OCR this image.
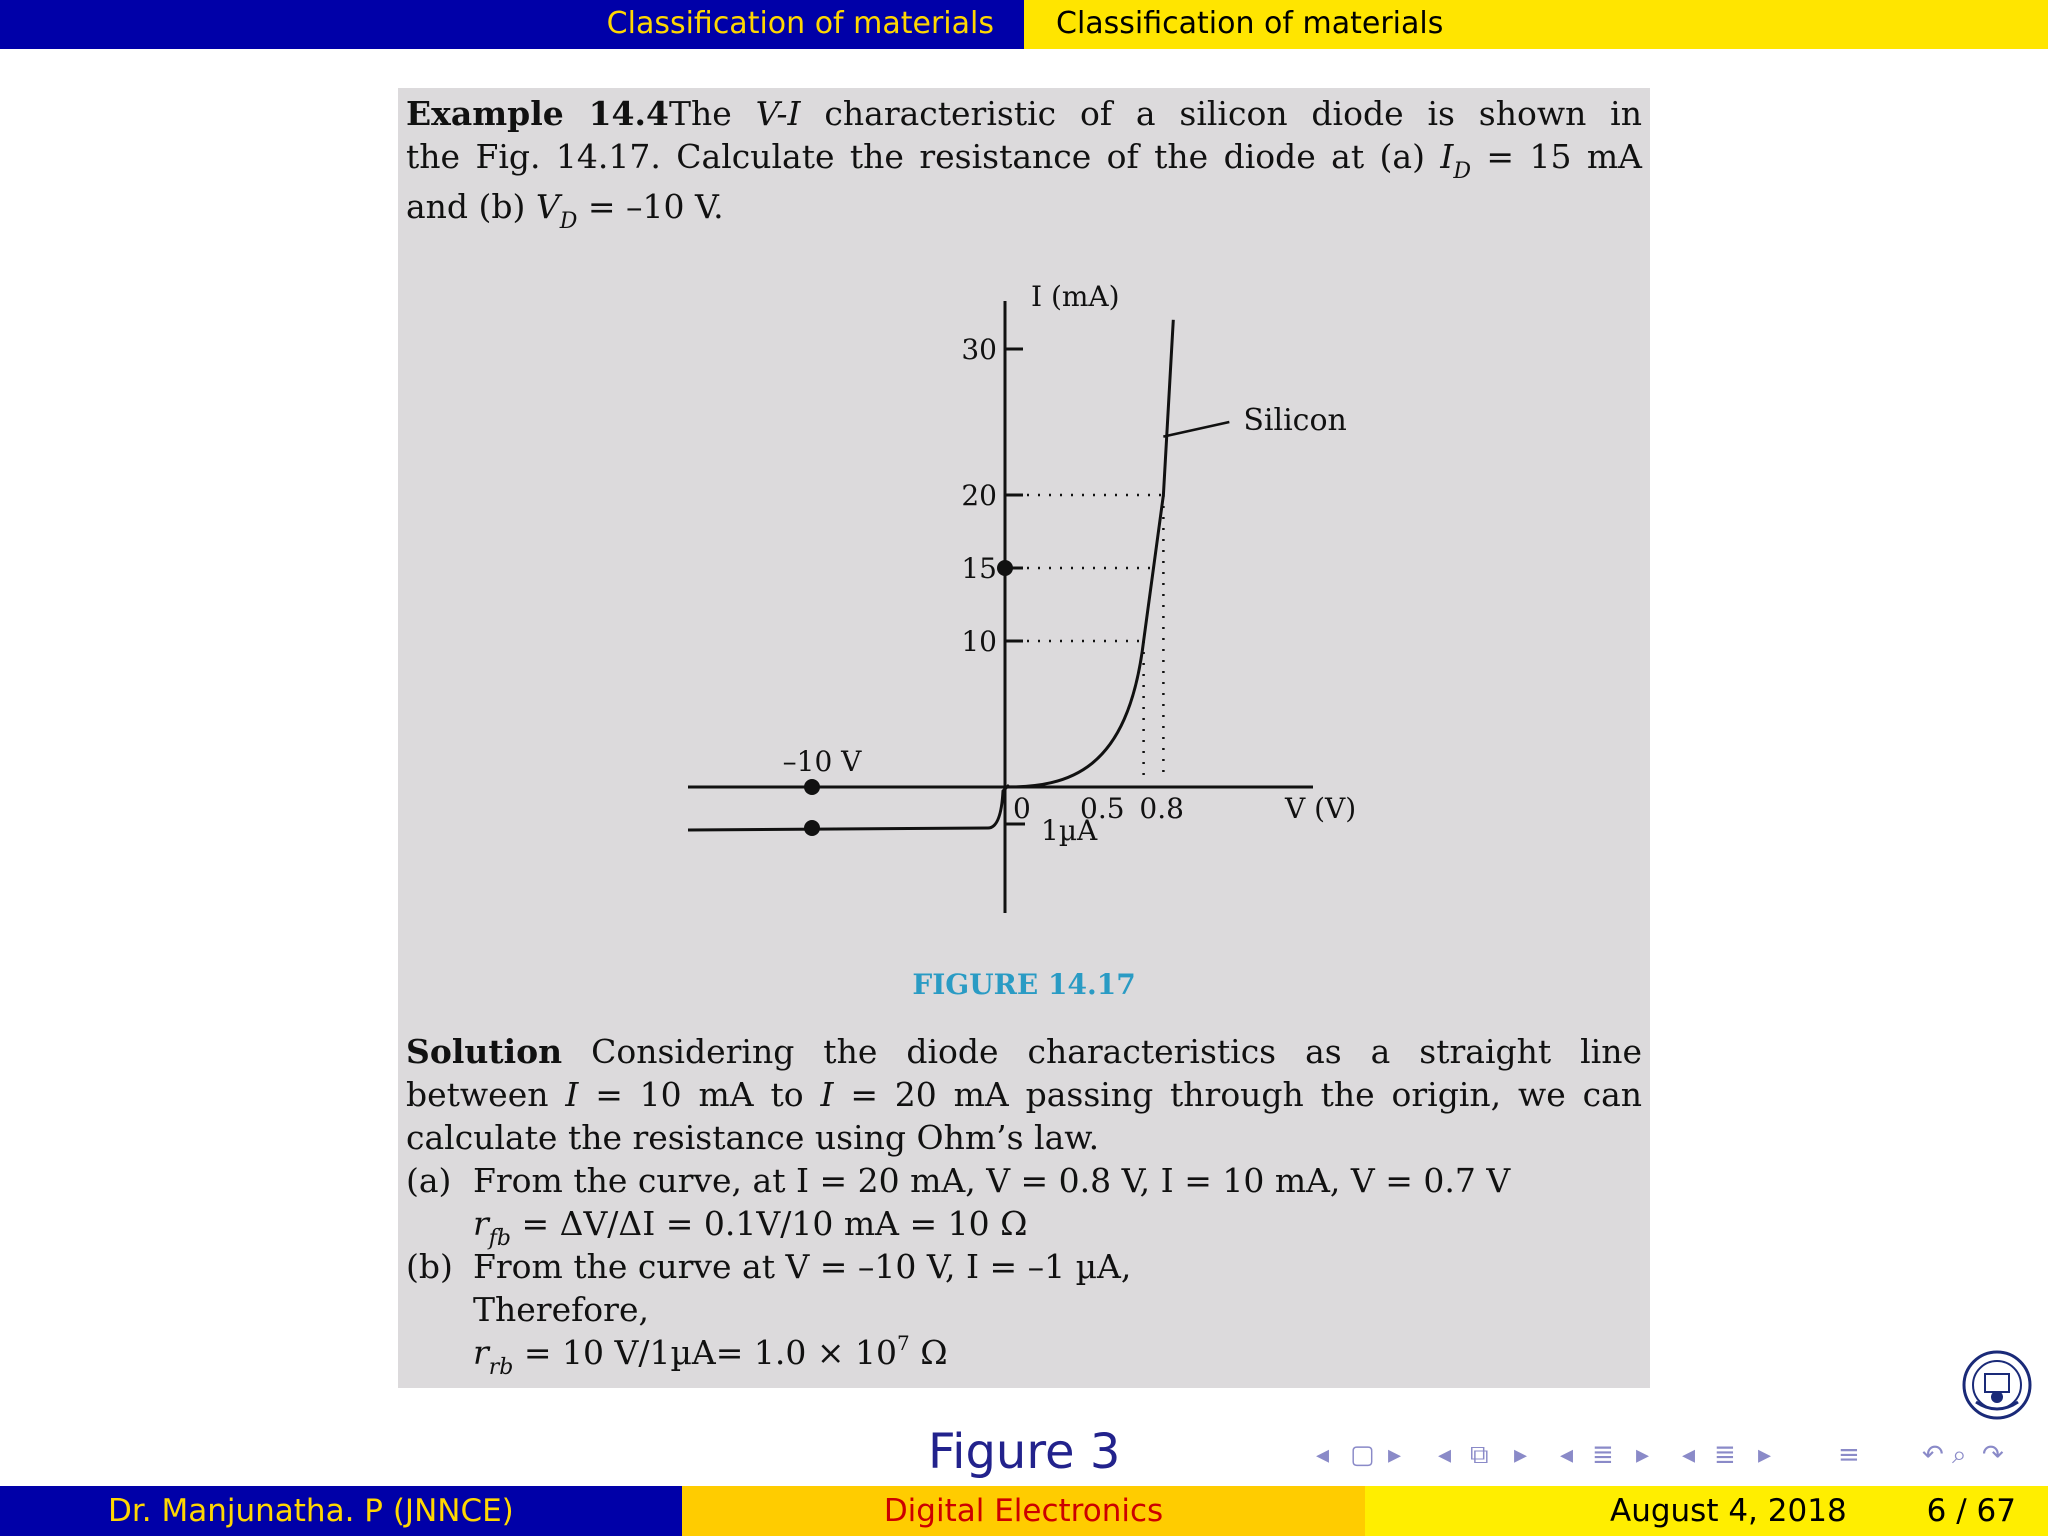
Classification of materials Classification of materials
Example 14.4The V-I characteristic of a silicon diode is shown in
the Fig. 14.17. Calculate the resistance of the diode at (a) $I_D = 15$ mA
and (b) $V_D = -10$ V.
I (mA)
V (V)
10
15
20
30
0 0.5 0.8
Silicon
1µA
–10 V
FIGURE 14.17
Solution Considering the diode characteristics as a straight line
between I = 10 mA to I = 20 mA passing through the origin, we can
calculate the resistance using Ohm’s law.
(a) From the curve, at I = 20 mA, V = 0.8 V, I = 10 mA, V = 0.7 V
$r_{fb} = \Delta V/\Delta I = 0.1V/10$ mA = 10 Ω
(b) From the curve at V = –10 V, I = –1 µA,
Therefore,
$r_{rb} = 10$ $V/1\mu A= 1.0 \times 10^7$ Ω
Figure 3	◂ ▢ ▸ ◂ ⧉ ▸ ◂ ≣ ▸ ◂ ≣ ▸	≡ ↶ ⌕ ↷
Dr. Manjunatha. P (JNNCE)	Digital Electronics	August 4, 2018	6 / 67
